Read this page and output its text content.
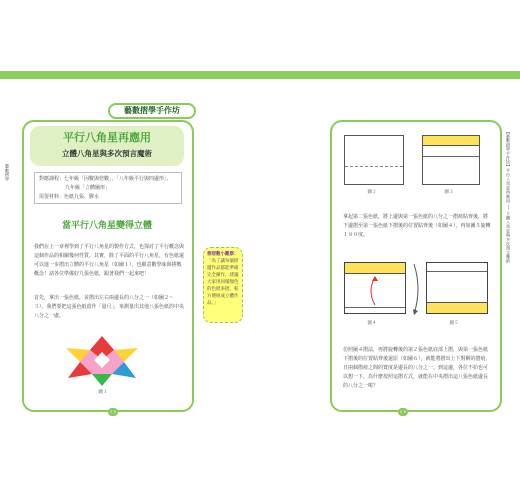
藝數摺學
藝數摺學手作坊
平行八角星再應用
立體八角星與多次預言魔術
對應課程：七年級「因數與倍數」、「八年級平行與四邊形」、
九年級「立體圖形」
需要材料：色紙九張、膠水
當平行八角星變得立體
我們在上一章裡學到了平行八角星的製作方式，也探討了平行概念與這個作品的相關幾何性質。其實，除了平面的平行八角星，有色紙還可以進一步摺出立體的平行八角星（如圖１），也願意數學味與挑戰概念！請各位準備好九張色紙，跟著我們一起來吧！
首先，拿出一張色紙，並摺出左右兩邊長的八分之一（如圖２～３），我們要把這張色紙當作「量尺」，來測量出其他八張色紙的中央八分之一處。
圖１
１６６
想想數小觀察：
「為了讓每個摺邊作品都能準確完全操作，建議大家用同樣顏色的色紙來摺，較方便組成立體作品。」
【藝數摺學手作坊】平行八角星再應用 ── 立體八角星與多次預言魔術
圖２	圖３
拿起第二張色紙，將上邊與第一張色紙的八分之一摺痕貼齊後，將下邊摺至第一張色紙下摺後的位置貼齊後（如圖４），再如圖５旋轉１８０度。
圖４	圖５
仿照圖４摺法，再將旋轉後的第２張色紙底部上摺，與第一張色紙下摺後的位置貼齊後還原（如圖６），就能將摺出上下對稱的摺痕，且兩個摺痕之間的寬度是邊長的八分之一。到這邊，各位不妨也可以想一下，為什麼按照這摺方式，就能在中央摺出這八張色紙邊長的八分之一呢？
１６７
